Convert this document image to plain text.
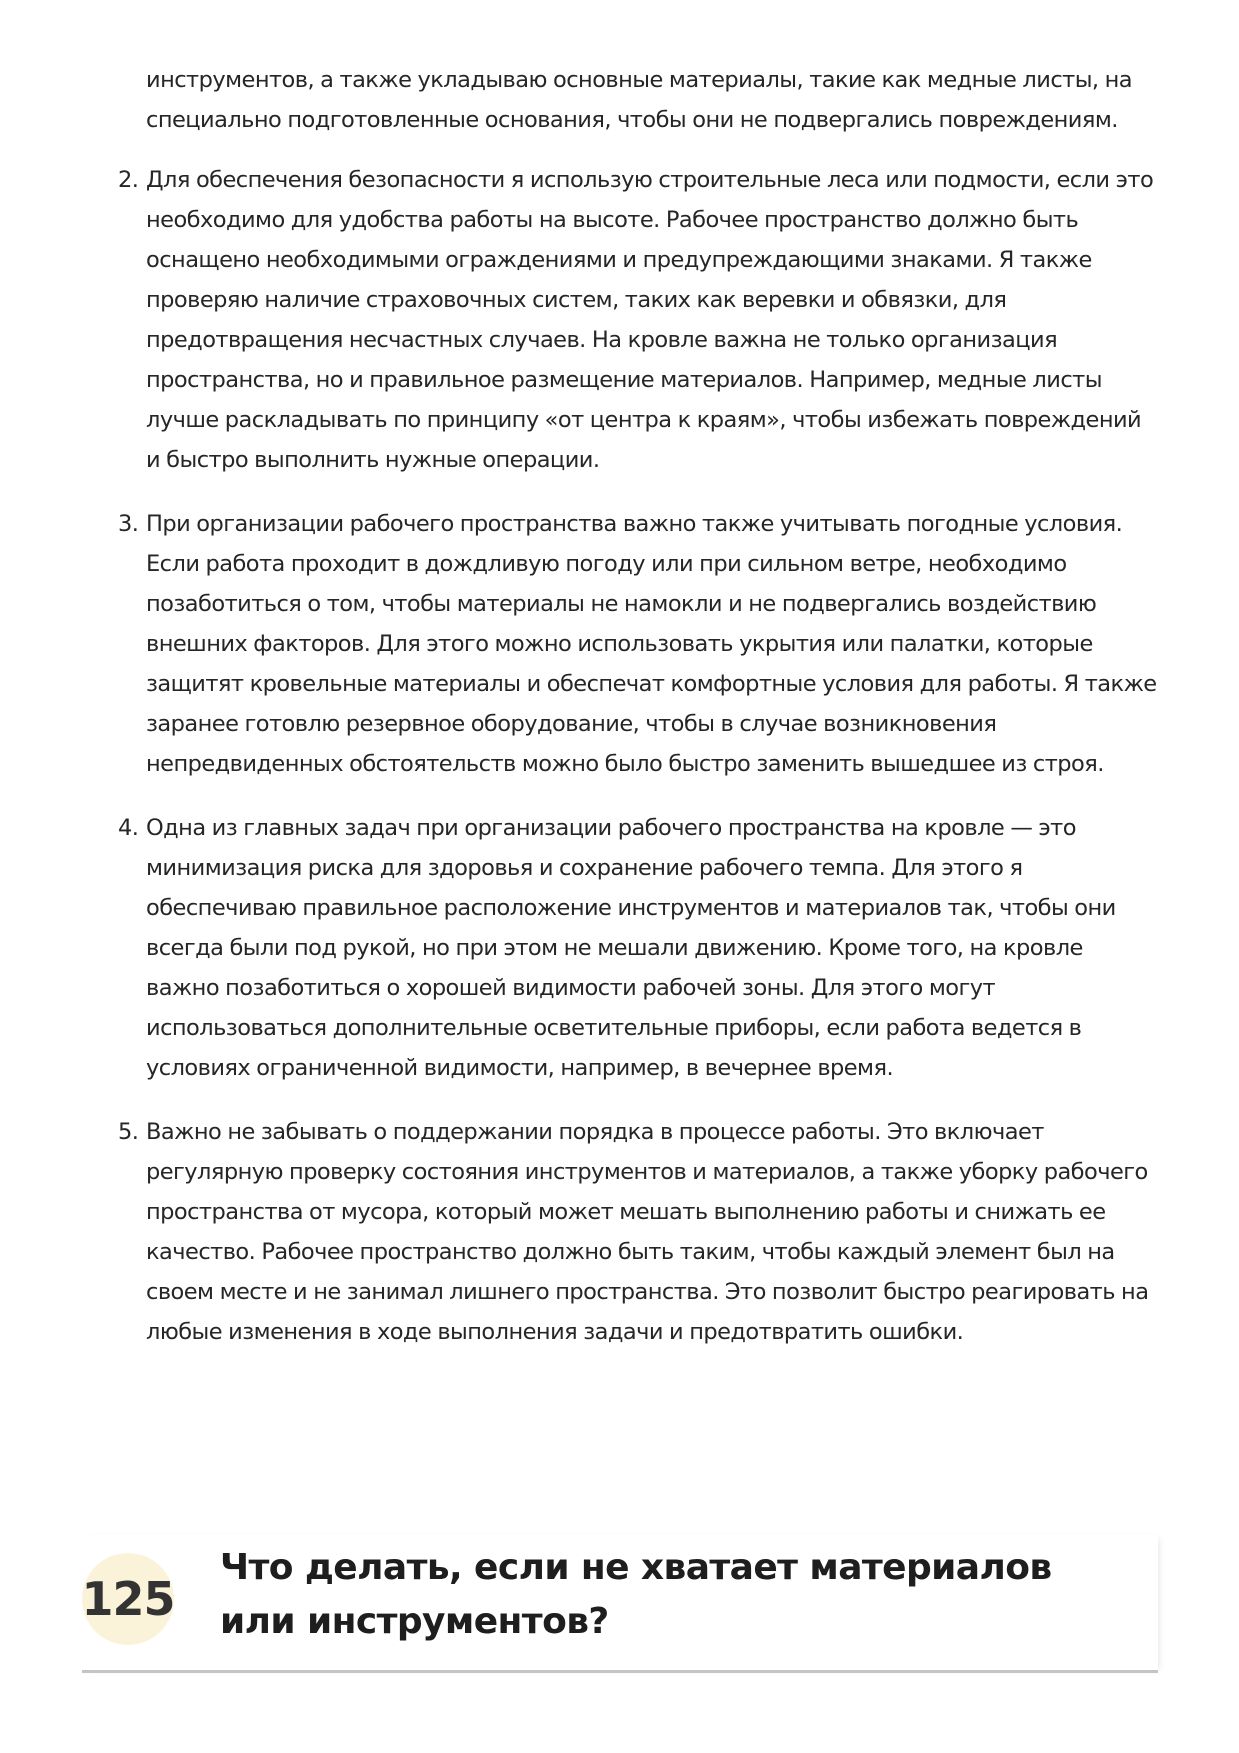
инструментов, а также укладываю основные материалы, такие как медные листы, на специально подготовленные основания, чтобы они не подвергались повреждениям.

2. Для обеспечения безопасности я использую строительные леса или подмости, если это необходимо для удобства работы на высоте. Рабочее пространство должно быть оснащено необходимыми ограждениями и предупреждающими знаками. Я также проверяю наличие страховочных систем, таких как веревки и обвязки, для предотвращения несчастных случаев. На кровле важна не только организация пространства, но и правильное размещение материалов. Например, медные листы лучше раскладывать по принципу «от центра к краям», чтобы избежать повреждений и быстро выполнить нужные операции.
3. При организации рабочего пространства важно также учитывать погодные условия. Если работа проходит в дождливую погоду или при сильном ветре, необходимо позаботиться о том, чтобы материалы не намокли и не подвергались воздействию внешних факторов. Для этого можно использовать укрытия или палатки, которые защитят кровельные материалы и обеспечат комфортные условия для работы. Я также заранее готовлю резервное оборудование, чтобы в случае возникновения непредвиденных обстоятельств можно было быстро заменить вышедшее из строя.
4. Одна из главных задач при организации рабочего пространства на кровле — это минимизация риска для здоровья и сохранение рабочего темпа. Для этого я обеспечиваю правильное расположение инструментов и материалов так, чтобы они всегда были под рукой, но при этом не мешали движению. Кроме того, на кровле важно позаботиться о хорошей видимости рабочей зоны. Для этого могут использоваться дополнительные осветительные приборы, если работа ведется в условиях ограниченной видимости, например, в вечернее время.
5. Важно не забывать о поддержании порядка в процессе работы. Это включает регулярную проверку состояния инструментов и материалов, а также уборку рабочего пространства от мусора, который может мешать выполнению работы и снижать ее качество. Рабочее пространство должно быть таким, чтобы каждый элемент был на своем месте и не занимал лишнего пространства. Это позволит быстро реагировать на любые изменения в ходе выполнения задачи и предотвратить ошибки.
125
Что делать, если не хватает материалов или инструментов?
